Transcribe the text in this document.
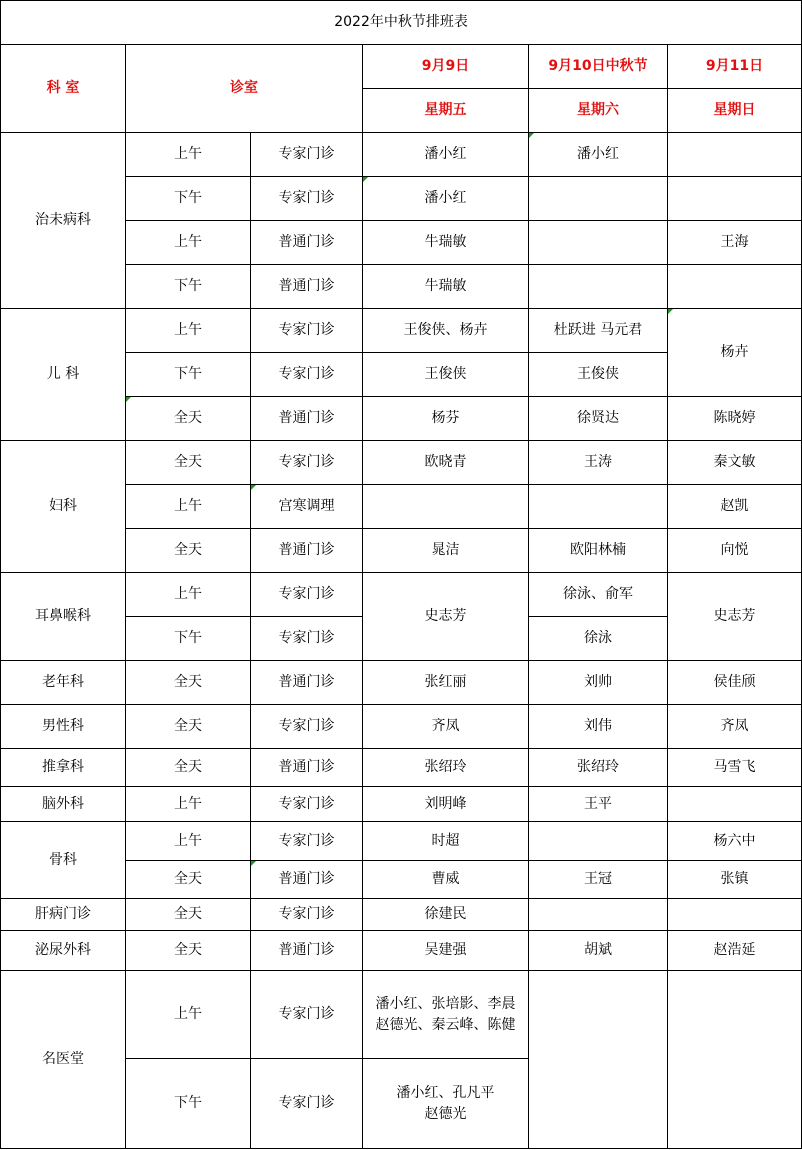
2022年中秋节排班表					
科 室	诊室		9月9日	9月10日中秋节	9月11日
			星期五	星期六	星期日
治未病科	上午	专家门诊	潘小红	潘小红	
	下午	专家门诊	潘小红		
	上午	普通门诊	牛瑞敏		王海
	下午	普通门诊	牛瑞敏		
儿 科	上午	专家门诊	王俊侠、杨卉	杜跃进 马元君	杨卉
	下午	专家门诊	王俊侠	王俊侠	
	全天	普通门诊	杨芬	徐贤达	陈晓婷
妇科	全天	专家门诊	欧晓青	王涛	秦文敏
	上午	宫寒调理			赵凯
	全天	普通门诊	晁洁	欧阳林楠	向悦
耳鼻喉科	上午	专家门诊	史志芳	徐泳、俞军	史志芳
	下午	专家门诊		徐泳	
老年科	全天	普通门诊	张红丽	刘帅	侯佳颀
男性科	全天	专家门诊	齐凤	刘伟	齐凤
推拿科	全天	普通门诊	张绍玲	张绍玲	马雪飞
脑外科	上午	专家门诊	刘明峰	王平	
骨科	上午	专家门诊	时超		杨六中
	全天	普通门诊	曹威	王冠	张镇
肝病门诊	全天	专家门诊	徐建民		
泌尿外科	全天	普通门诊	吴建强	胡斌	赵浩延
名医堂	上午	专家门诊	潘小红、张培影、李晨
赵德光、秦云峰、陈健		

	下午	专家门诊	潘小红、孔凡平
赵德光		
